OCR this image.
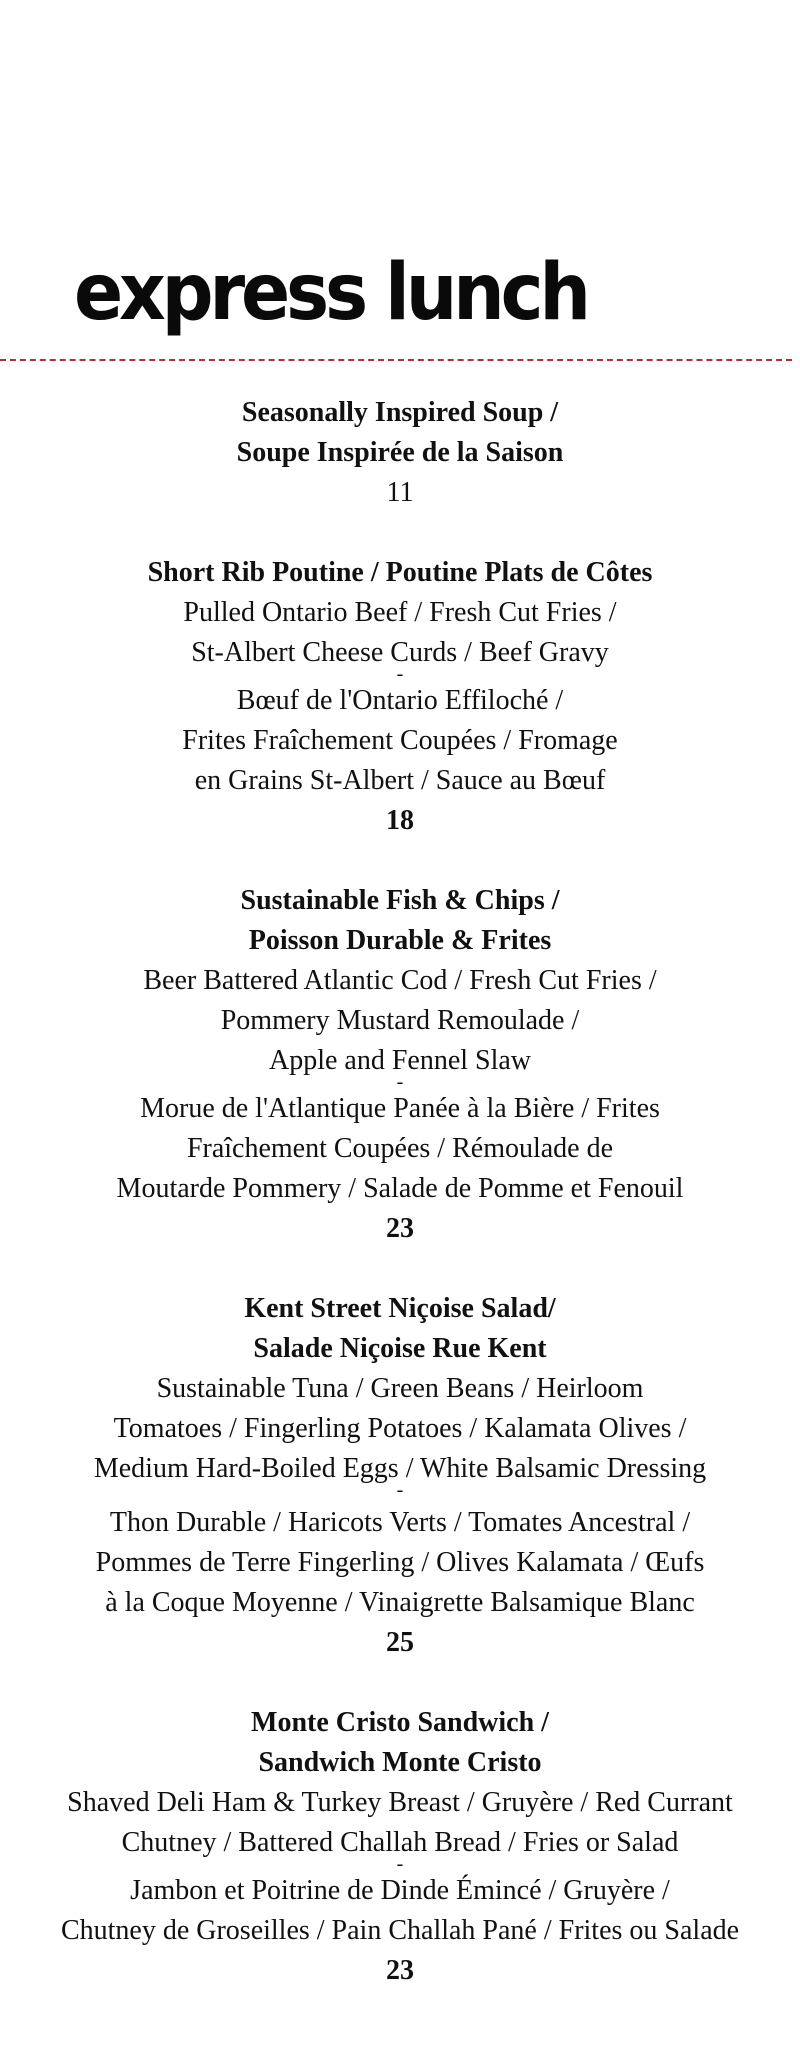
express lunch
Seasonally Inspired Soup /
Soupe Inspirée de la Saison
11
Short Rib Poutine / Poutine Plats de Côtes
Pulled Ontario Beef / Fresh Cut Fries /
St-Albert Cheese Curds / Beef Gravy
-
Bœuf de l'Ontario Effiloché /
Frites Fraîchement Coupées / Fromage
en Grains St-Albert / Sauce au Bœuf
18
Sustainable Fish & Chips /
Poisson Durable & Frites
Beer Battered Atlantic Cod / Fresh Cut Fries /
Pommery Mustard Remoulade /
Apple and Fennel Slaw
-
Morue de l'Atlantique Panée à la Bière / Frites
Fraîchement Coupées / Rémoulade de
Moutarde Pommery / Salade de Pomme et Fenouil
23
Kent Street Niçoise Salad/
Salade Niçoise Rue Kent
Sustainable Tuna / Green Beans / Heirloom
Tomatoes / Fingerling Potatoes / Kalamata Olives /
Medium Hard-Boiled Eggs / White Balsamic Dressing
-
Thon Durable / Haricots Verts / Tomates Ancestral /
Pommes de Terre Fingerling / Olives Kalamata / Œufs
à la Coque Moyenne / Vinaigrette Balsamique Blanc
25
Monte Cristo Sandwich /
Sandwich Monte Cristo
Shaved Deli Ham & Turkey Breast / Gruyère / Red Currant
Chutney / Battered Challah Bread / Fries or Salad
-
Jambon et Poitrine de Dinde Émincé / Gruyère /
Chutney de Groseilles / Pain Challah Pané / Frites ou Salade
23
